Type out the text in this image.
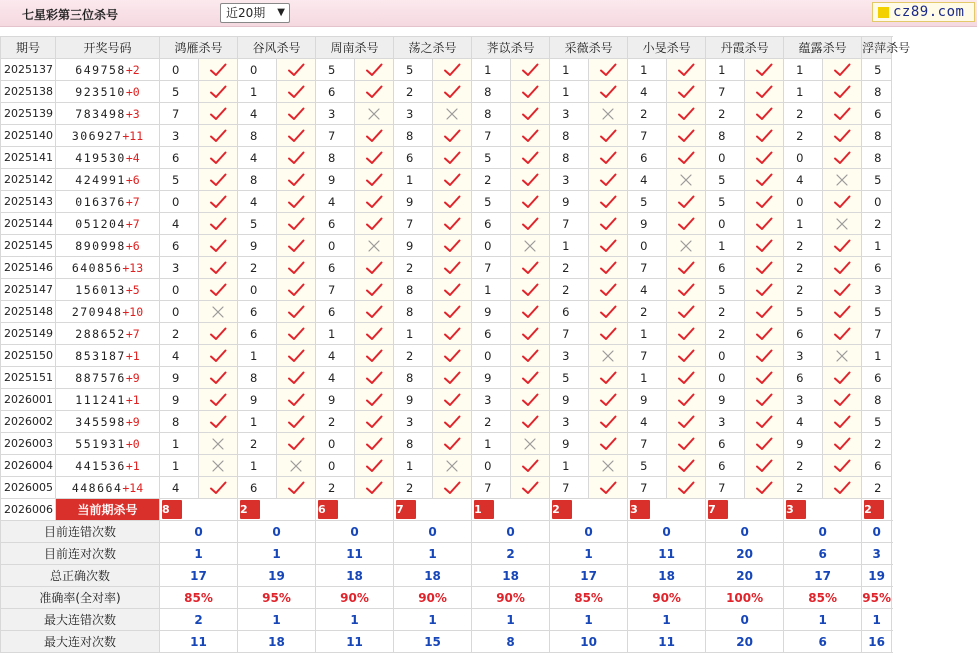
七星彩第三位杀号	近20期 ▼	cz89.com
期号	开奖号码	鸿雁杀号		谷风杀号		周南杀号		荡之杀号		荠苡杀号		采薇杀号		小旻杀号		丹霞杀号		蕴露杀号		浮萍杀号	
2025137	649758+2	0		0		5		5		1		1		1		1		1		5		
2025138	923510+0	5		1		6		2		8		1		4		7		1		8		
2025139	783498+3	7		4		3		3		8		3		2		2		2		6		
2025140	306927+11	3		8		7		8		7		8		7		8		2		8		
2025141	419530+4	6		4		8		6		5		8		6		0		0		8		
2025142	424991+6	5		8		9		1		2		3		4		5		4		5		
2025143	016376+7	0		4		4		9		5		9		5		5		0		0		
2025144	051204+7	4		5		6		7		6		7		9		0		1		2		
2025145	890998+6	6		9		0		9		0		1		0		1		2		1		
2025146	640856+13	3		2		6		2		7		2		7		6		2		6		
2025147	156013+5	0		0		7		8		1		2		4		5		2		3		
2025148	270948+10	0		6		6		8		9		6		2		2		5		5		
2025149	288652+7	2		6		1		1		6		7		1		2		6		7		
2025150	853187+1	4		1		4		2		0		3		7		0		3		1		
2025151	887576+9	9		8		4		8		9		5		1		0		6		6		
2026001	111241+1	9		9		9		9		3		9		9		9		3		8		
2026002	345598+9	8		1		2		3		2		3		4		3		4		5		
2026003	551931+0	1		2		0		8		1		9		7		6		9		2		
2026004	441536+1	1		1		0		1		0		1		5		6		2		6		
2026005	448664+14	4		6		2		2		7		7		7		7		2		2		
2026006	当前期杀号	8		2		6		7		1		2		3		7		3		2	
目前连错次数		0		0		0		0		0		0		0		0		0		0	
目前连对次数		1		1		11		1		2		1		11		20		6		3	
总正确次数		17		19		18		18		18		17		18		20		17		19	
准确率(全对率)		85%		95%		90%		90%		90%		85%		90%		100%		85%		95%	
最大连错次数		2		1		1		1		1		1		1		0		1		1	
最大连对次数		11		18		11		15		8		10		11		20		6		16	
